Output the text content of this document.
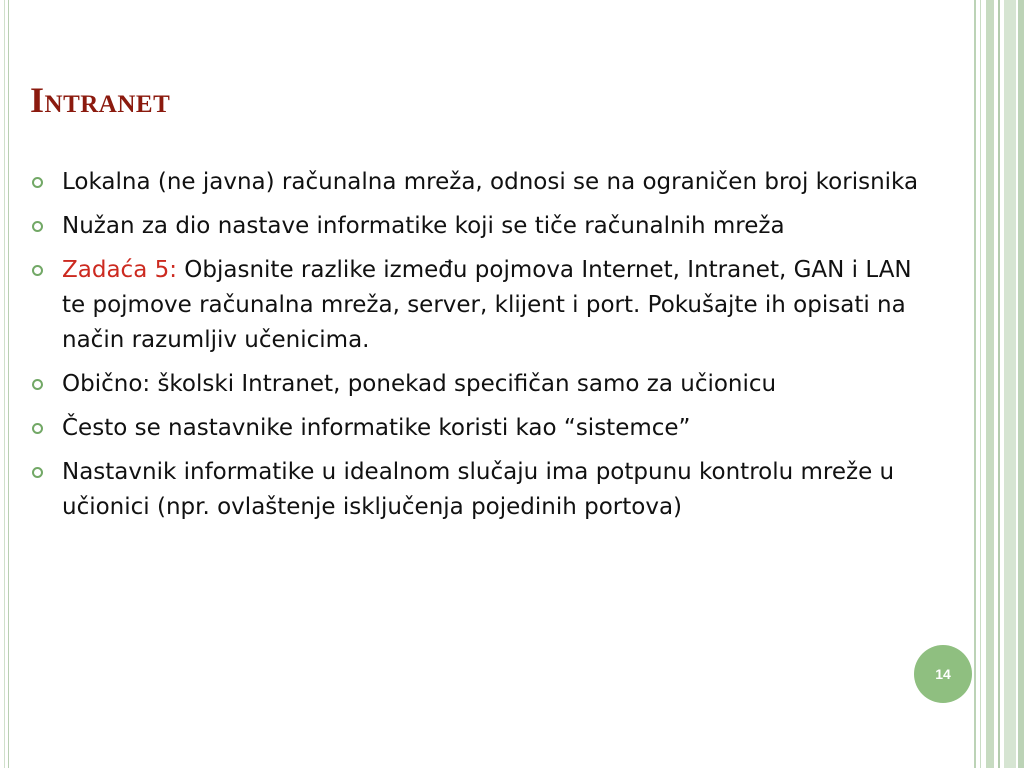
Intranet
Lokalna (ne javna) računalna mreža, odnosi se na ograničen broj korisnika
Nužan za dio nastave informatike koji se tiče računalnih mreža
Zadaća 5: Objasnite razlike između pojmova Internet, Intranet, GAN i LAN te pojmove računalna mreža, server, klijent i port. Pokušajte ih opisati na način razumljiv učenicima.
Obično: školski Intranet, ponekad specifičan samo za učionicu
Često se nastavnike informatike koristi kao “sistemce”
Nastavnik informatike u idealnom slučaju ima potpunu kontrolu mreže u učionici (npr. ovlaštenje isključenja pojedinih portova)
14
